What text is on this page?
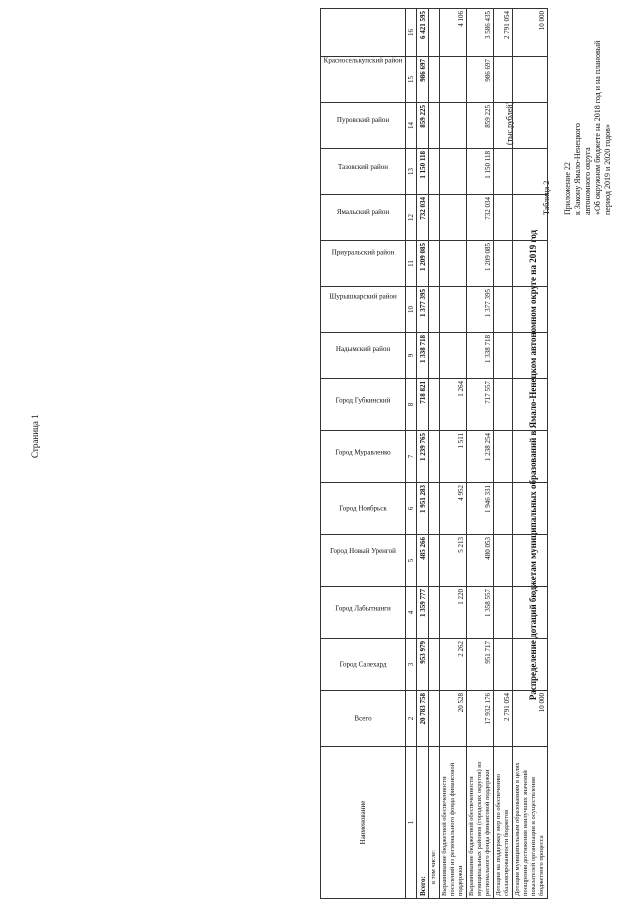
Страница 1
Приложение 22 к Закону Ямало-Ненецкого автономного округа «Об окружном бюджете на 2018 год и на плановый период 2019 и 2020 годов»
Таблица 2
Распределение дотаций бюджетам муниципальных образований в Ямало-Ненецком автономном округе на 2019 год
(тыс.рублей)
Наименование	Всего	Город Салехард	Город Лабытнанги	Город Новый Уренгой	Город Ноябрьск	Город Муравленко	Город Губкинский	Надымский район	Шурышкарский район	Приуральский район	Ямальский район	Тазовский район	Пуровский район	Красноселькупский район	
1	2	3	4	5	6	7	8	9	10	11	12	13	14	15	16
Всего:	20 783 758	953 979	1 359 777	485 266	1 951 283	1 239 765	718 821	1 338 718	1 377 395	1 209 085	732 034	1 150 118	859 225	986 697	6 421 595
в том числе:															
Выравнивание бюджетной обеспеченности поселений из регионального фонда финансовой поддержки	20 528	2 262	1 220	5 213	4 952	1 511	1 264								4 106
Выравнивание бюджетной обеспеченности муниципальных районов (городских округов) из регионального фонда финансовой поддержки	17 932 176	951 717	1 358 557	480 053	1 946 331	1 238 254	717 557	1 338 718	1 377 395	1 209 085	732 034	1 150 118	859 225	986 697	3 586 435
Дотации на поддержку мер по обеспечению сбалансированности бюджетов	2 791 054														2 791 054
Дотации муниципальным образованиям в целях поощрения достижения наилучших значений показателей организации и осуществления бюджетного процесса	10 000														10 000
